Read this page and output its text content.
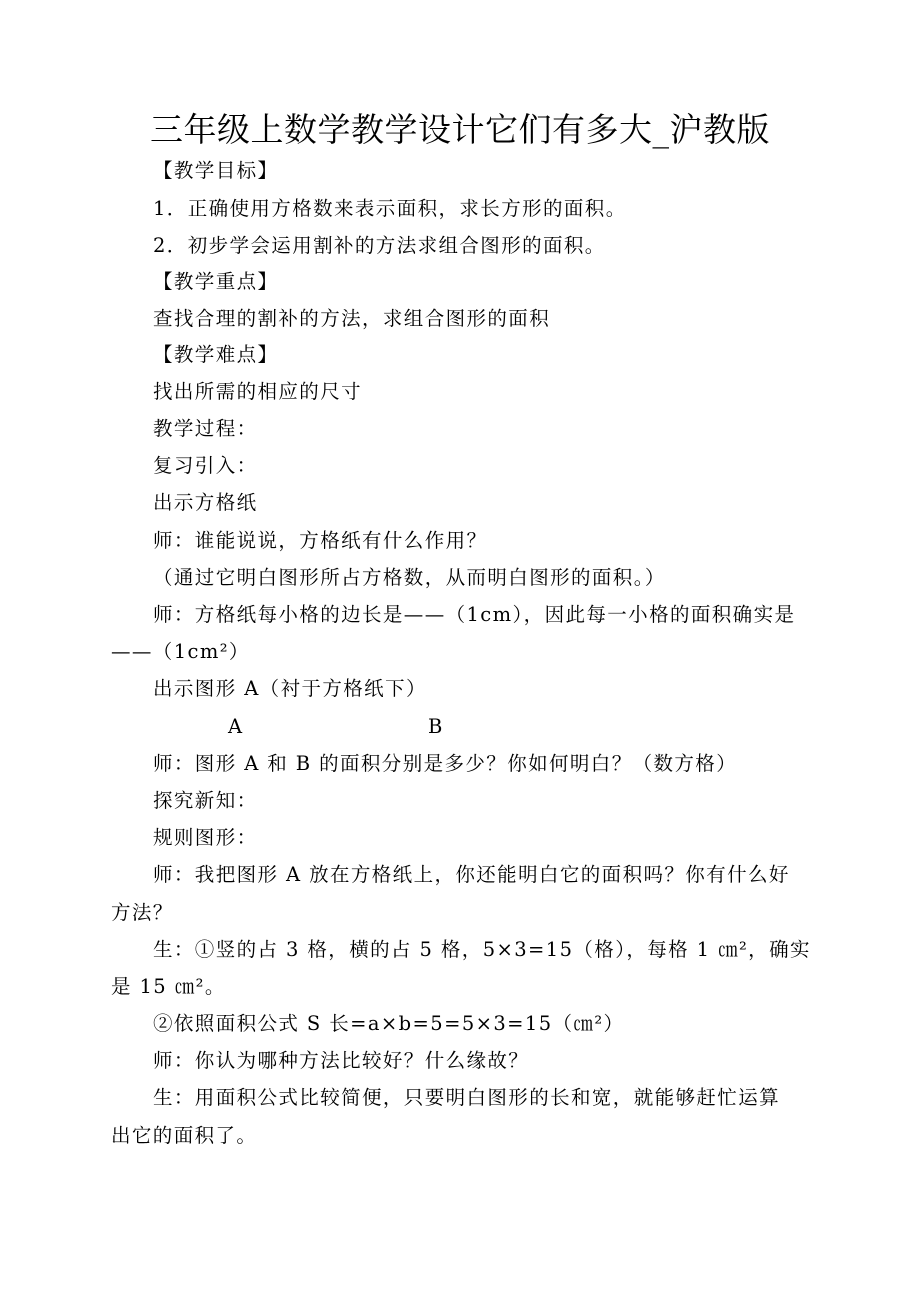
三年级上数学教学设计它们有多大_沪教版
【教学目标】
1．正确使用方格数来表示面积，求长方形的面积。
2．初步学会运用割补的方法求组合图形的面积。
【教学重点】
查找合理的割补的方法，求组合图形的面积
【教学难点】
找出所需的相应的尺寸
教学过程：
复习引入：
出示方格纸
师：谁能说说，方格纸有什么作用？
（通过它明白图形所占方格数，从而明白图形的面积。）
师：方格纸每小格的边长是——（1cm），因此每一小格的面积确实是
——（1cm²）
出示图形 A（衬于方格纸下）
A	B
师：图形 A 和 B 的面积分别是多少？你如何明白？（数方格）
探究新知：
规则图形：
师：我把图形 A 放在方格纸上，你还能明白它的面积吗？你有什么好
方法？
生：①竖的占 3 格，横的占 5 格，5×3=15（格），每格 1 ㎝²，确实
是 15 ㎝²。
②依照面积公式 S 长=a×b=5=5×3=15（㎝²）
师：你认为哪种方法比较好？什么缘故？
生：用面积公式比较简便，只要明白图形的长和宽，就能够赶忙运算
出它的面积了。
